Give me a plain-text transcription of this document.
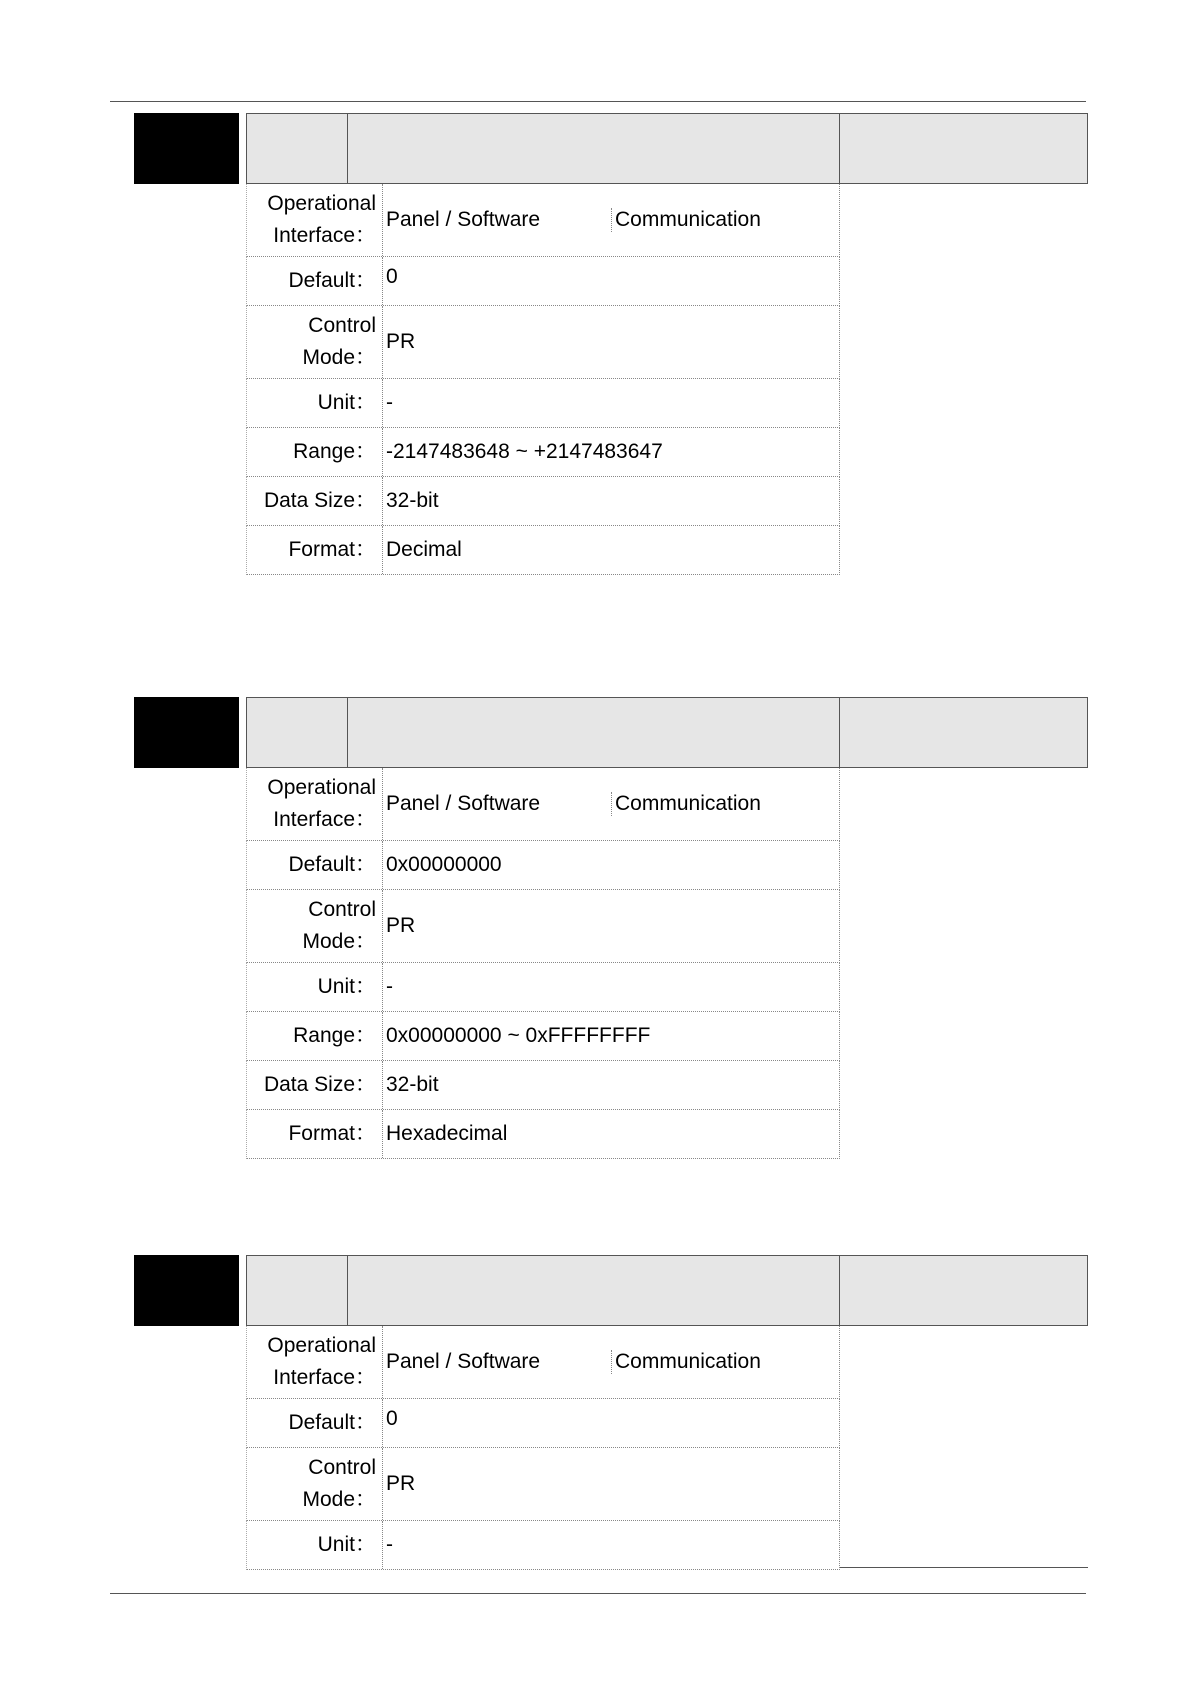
Operational Interface：
Panel / Software	Communication
Default： 0
Control Mode：
PR
Unit： -
Range： -2147483648 ~ +2147483647
Data Size： 32-bit
Format： Decimal
Operational Interface：
Panel / Software	Communication
Default： 0x00000000
Control Mode：
PR
Unit： -
Range： 0x00000000 ~ 0xFFFFFFFF
Data Size： 32-bit
Format： Hexadecimal
Operational Interface：
Panel / Software	Communication
Default： 0
Control Mode：
PR
Unit： -
